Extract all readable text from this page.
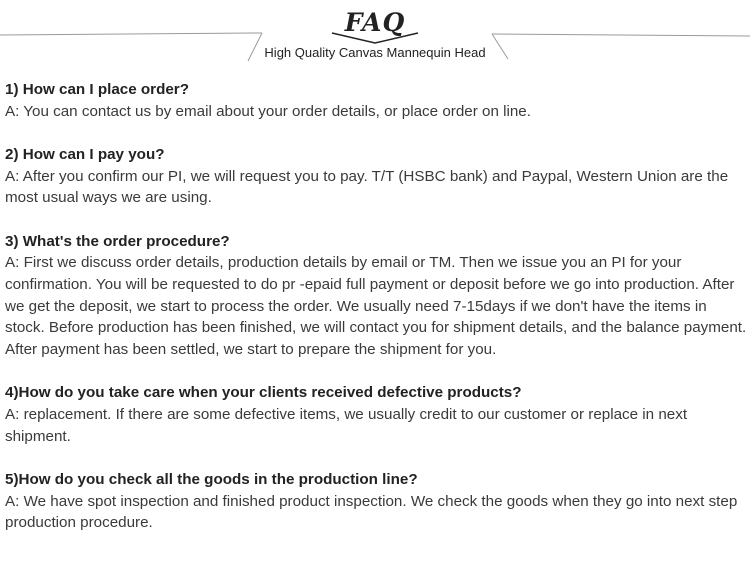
FAQ
High Quality Canvas Mannequin Head

1) How can I place order?

A: You can contact us by email about your order details, or place order on line.

2) How can I pay you?

A: After you confirm our PI, we will request you to pay. T/T (HSBC bank) and Paypal, Western Union are the most usual ways we are using.

3) What's the order procedure?

A: First we discuss order details, production details by email or TM. Then we issue you an PI for your confirmation. You will be requested to do pr -epaid full payment or deposit before we go into production. After we get the deposit, we start to process the order. We usually need 7-15days if we don't have the items in stock. Before production has been finished, we will contact you for shipment details, and the balance payment. After payment has been settled, we start to prepare the shipment for you.

4)How do you take care when your clients received defective products?

A: replacement. If there are some defective items, we usually credit to our customer or replace in next shipment.

5)How do you check all the goods in the production line?

A: We have spot inspection and finished product inspection. We check the goods when they go into next step production procedure.
